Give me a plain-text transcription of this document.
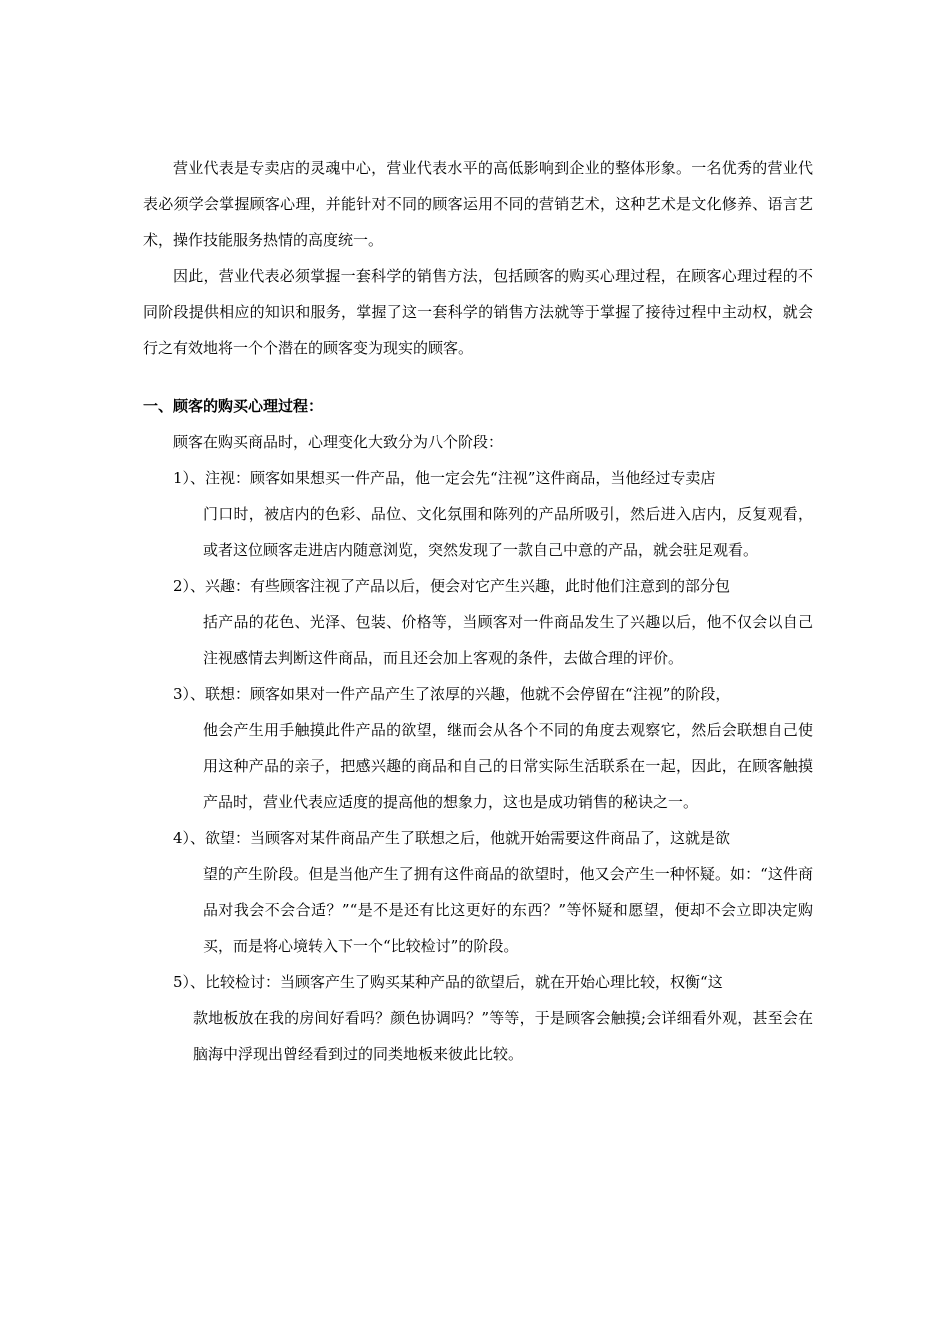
营业代表是专卖店的灵魂中心，营业代表水平的高低影响到企业的整体形象。一名优秀的营业代表必须学会掌握顾客心理，并能针对不同的顾客运用不同的营销艺术，这种艺术是文化修养、语言艺术，操作技能服务热情的高度统一。

因此，营业代表必须掌握一套科学的销售方法，包括顾客的购买心理过程，在顾客心理过程的不同阶段提供相应的知识和服务，掌握了这一套科学的销售方法就等于掌握了接待过程中主动权，就会行之有效地将一个个潜在的顾客变为现实的顾客。

一、顾客的购买心理过程：

顾客在购买商品时，心理变化大致分为八个阶段：

1）、 注视：顾客如果想买一件产品，他一定会先“注视”这件商品，当他经过专卖店
门口时，被店内的色彩、品位、文化氛围和陈列的产品所吸引，然后进入店内，反复观看，或者这位顾客走进店内随意浏览，突然发现了一款自己中意的产品，就会驻足观看。
2）、 兴趣：有些顾客注视了产品以后，便会对它产生兴趣，此时他们注意到的部分包
括产品的花色、光泽、包装、价格等，当顾客对一件商品发生了兴趣以后，他不仅会以自己注视感情去判断这件商品，而且还会加上客观的条件，去做合理的评价。
3）、 联想：顾客如果对一件产品产生了浓厚的兴趣，他就不会停留在“注视”的阶段，
他会产生用手触摸此件产品的欲望，继而会从各个不同的角度去观察它，然后会联想自己使用这种产品的亲子，把感兴趣的商品和自己的日常实际生活联系在一起，因此，在顾客触摸产品时，营业代表应适度的提高他的想象力，这也是成功销售的秘诀之一。
4）、 欲望：当顾客对某件商品产生了联想之后，他就开始需要这件商品了，这就是欲
望的产生阶段。但是当他产生了拥有这件商品的欲望时，他又会产生一种怀疑。如：“这件商品对我会不会合适？”“是不是还有比这更好的东西？”等怀疑和愿望，便却不会立即决定购买，而是将心境转入下一个“比较检讨”的阶段。
5）、 比较检讨：当顾客产生了购买某种产品的欲望后，就在开始心理比较，权衡“这
款地板放在我的房间好看吗？颜色协调吗？”等等，于是顾客会触摸;会详细看外观，甚至会在脑海中浮现出曾经看到过的同类地板来彼此比较。
